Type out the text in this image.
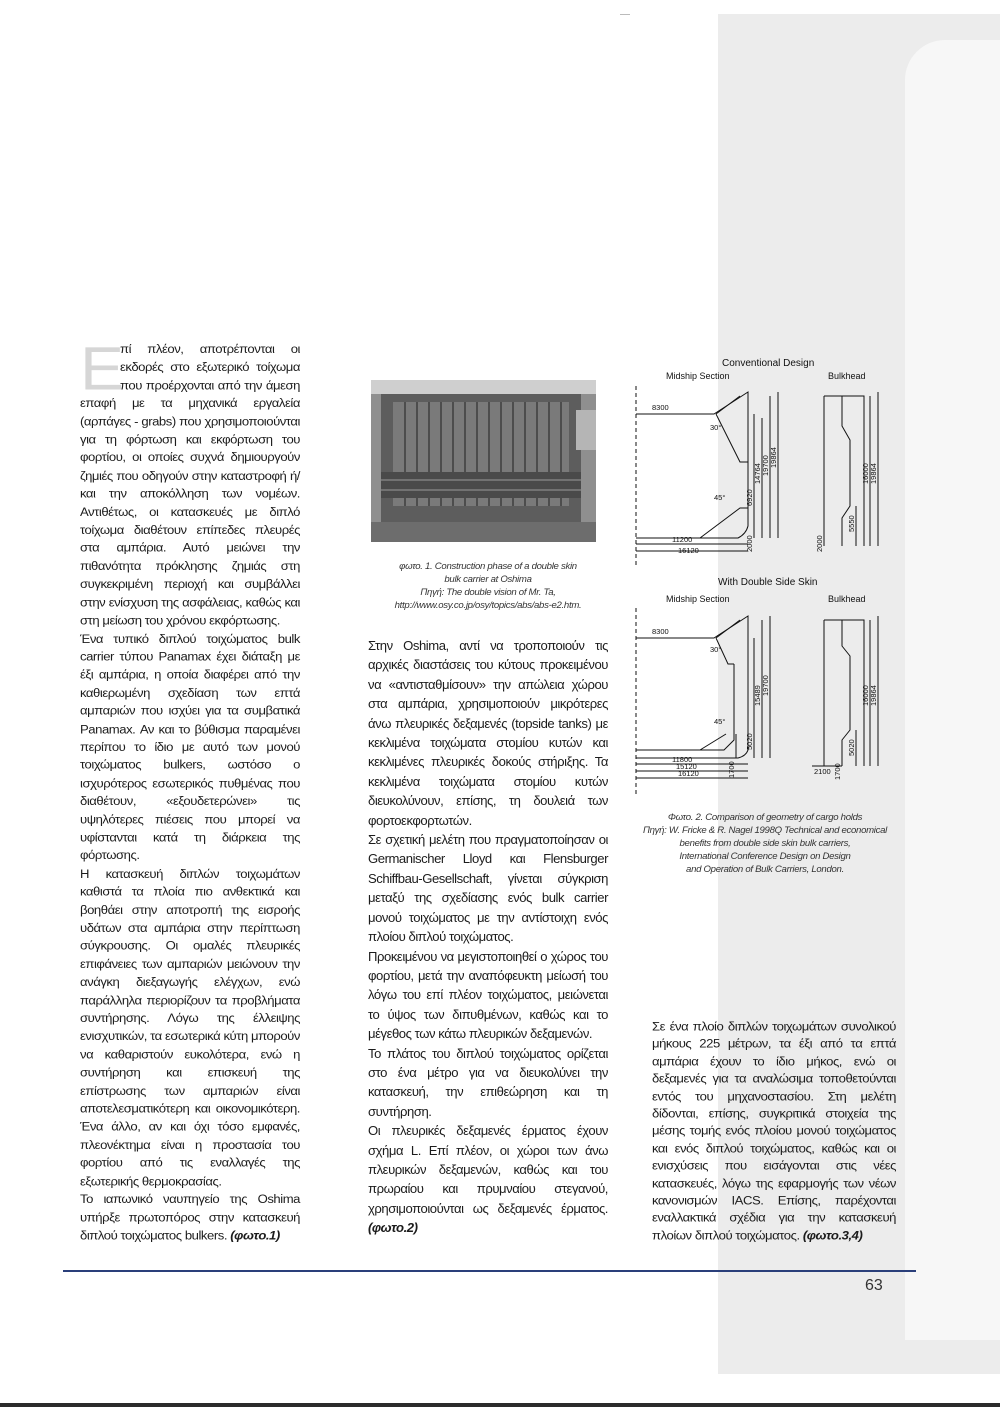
Ε
πί πλέον, αποτρέπονται οι εκδορές στο εξωτερικό τοίχωμα που προέρχονται από την άμεση επαφή με τα μηχανικά εργαλεία (αρπάγες - grabs) που χρησιμοποιούνται για τη φόρτωση και εκφόρτωση του φορτίου, οι οποίες συχνά δημιουργούν ζημιές που οδηγούν στην καταστροφή ή/και την αποκόλληση των νομέων. Αντιθέτως, οι κατασκευές με διπλό τοίχωμα διαθέτουν επίπεδες πλευρές στα αμπάρια. Αυτό μειώνει την πιθανότητα πρόκλησης ζημιάς στη συγκεκριμένη περιοχή και συμβάλλει στην ενίσχυση της ασφάλειας, καθώς και στη μείωση του χρόνου εκφόρτωσης.

Ένα τυπικό διπλού τοιχώματος bulk carrier τύπου Panamax έχει διάταξη με έξι αμπάρια, η οποία διαφέρει από την καθιερωμένη σχεδίαση των επτά αμπαριών που ισχύει για τα συμβατικά Panamax. Αν και το βύθισμα παραμένει περίπου το ίδιο με αυτό των μονού τοιχώματος bulkers, ωστόσο ο ισχυρότερος εσωτερικός πυθμένας που διαθέτουν, «εξουδετερώνει» τις υψηλότερες πιέσεις που μπορεί να υφίστανται κατά τη διάρκεια της φόρτωσης.

Η κατασκευή διπλών τοιχωμάτων καθιστά τα πλοία πιο ανθεκτικά και βοηθάει στην αποτροπή της εισροής υδάτων στα αμπάρια στην περίπτωση σύγκρουσης. Οι ομαλές πλευρικές επιφάνειες των αμπαριών μειώνουν την ανάγκη διεξαγωγής ελέγχων, ενώ παράλληλα περιορίζουν τα προβλήματα συντήρησης. Λόγω της έλλειψης ενισχυτικών, τα εσωτερικά κύτη μπορούν να καθαριστούν ευκολότερα, ενώ η συντήρηση και επισκευή της επίστρωσης των αμπαριών είναι αποτελεσματικότερη και οικονομικότερη. Ένα άλλο, αν και όχι τόσο εμφανές, πλεονέκτημα είναι η προστασία του φορτίου από τις εναλλαγές της εξωτερικής θερμοκρασίας.

Το ιαπωνικό ναυπηγείο της Oshima υπήρξε πρωτοπόρος στην κατασκευή διπλού τοιχώματος bulkers. (φωτο.1)

φωτο. 1. Construction phase of a double skin
bulk carrier at Oshima
Πηγή: The double vision of Mr. Ta,
http://www.osy.co.jp/osy/topics/abs/abs-e2.htm.

Στην Oshima, αντί να τροποποιούν τις αρχικές διαστάσεις του κύτους προκειμένου να «αντισταθμίσουν» την απώλεια χώρου στα αμπάρια, χρησιμοποιούν μικρότερες άνω πλευρικές δεξαμενές (topside tanks) με κεκλιμένα τοιχώματα στομίου κυτών και κεκλιμένες πλευρικές δοκούς στήριξης. Τα κεκλιμένα τοιχώματα στομίου κυτών διευκολύνουν, επίσης, τη δουλειά των φορτοεκφορτωτών.

Σε σχετική μελέτη που πραγματοποίησαν οι Germanischer Lloyd και Flensburger Schiffbau-Gesellschaft, γίνεται σύγκριση μεταξύ της σχεδίασης ενός bulk carrier μονού τοιχώματος με την αντίστοιχη ενός πλοίου διπλού τοιχώματος.

Προκειμένου να μεγιστοποιηθεί ο χώρος του φορτίου, μετά την αναπόφευκτη μείωσή του λόγω του επί πλέον τοιχώματος, μειώνεται το ύψος των διπυθμένων, καθώς και το μέγεθος των κάτω πλευρικών δεξαμενών.

Το πλάτος του διπλού τοιχώματος ορίζεται στο ένα μέτρο για να διευκολύνει την κατασκευή, την επιθεώρηση και τη συντήρηση.

Οι πλευρικές δεξαμενές έρματος έχουν σχήμα L. Επί πλέον, οι χώροι των άνω πλευρικών δεξαμενών, καθώς και του πρωραίου και πρυμναίου στεγανού, χρησιμοποιούνται ως δεξαμενές έρματος. (φωτο.2)

Conventional Design
Midship Section	Bulkhead
With Double Side Skin
Midship Section	Bulkhead
8300
30°
45°
11200
16120
6920
14764 19700 19864
2000
16000 19864
5550
2000
8300
30°
45°
11800
15120
16120
5020
15489 19700
1700
16000 19864
5020
1700
2100
Φωτο. 2. Comparison of geometry of cargo holds
Πηγή: W. Fricke & R. Nagel 1998Q Technical and economical
benefits from double side skin bulk carriers,
International Conference Design on Design
and Operation of Bulk Carriers, London.

Σε ένα πλοίο διπλών τοιχωμάτων συνολικού μήκους 225 μέτρων, τα έξι από τα επτά αμπάρια έχουν το ίδιο μήκος, ενώ οι δεξαμενές για τα αναλώσιμα τοποθετούνται εντός του μηχανοστασίου. Στη μελέτη δίδονται, επίσης, συγκριτικά στοιχεία της μέσης τομής ενός πλοίου μονού τοιχώματος και ενός διπλού τοιχώματος, καθώς και οι ενισχύσεις που εισάγονται στις νέες κατασκευές, λόγω της εφαρμογής των νέων κανονισμών IACS. Επίσης, παρέχονται εναλλακτικά σχέδια για την κατασκευή πλοίων διπλού τοιχώματος. (φωτο.3,4)

63
